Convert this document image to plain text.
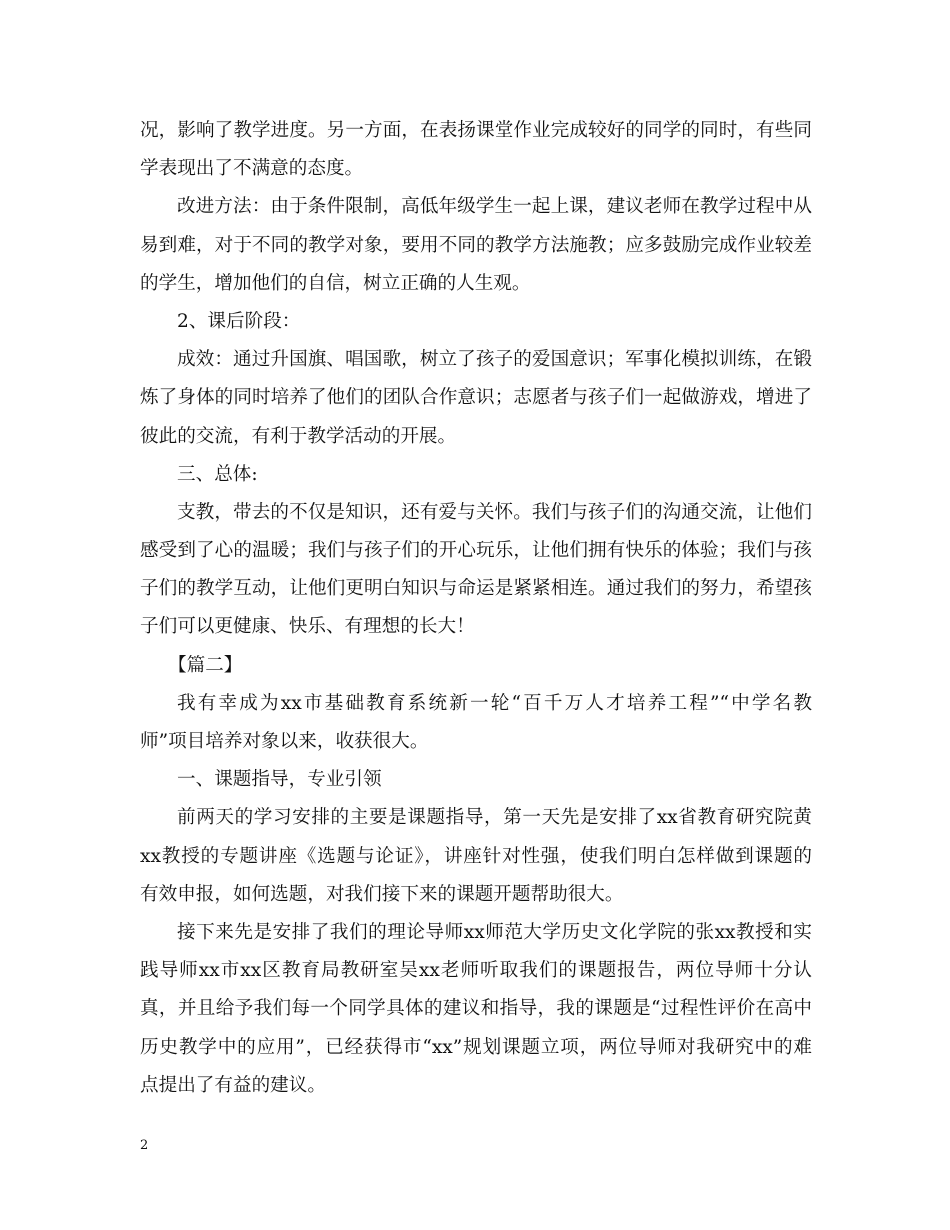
况，影响了教学进度。另一方面，在表扬课堂作业完成较好的同学的同时，有些同
学表现出了不满意的态度。
改进方法：由于条件限制，高低年级学生一起上课，建议老师在教学过程中从
易到难，对于不同的教学对象，要用不同的教学方法施教；应多鼓励完成作业较差
的学生，增加他们的自信，树立正确的人生观。
2、课后阶段：
成效：通过升国旗、唱国歌，树立了孩子的爱国意识；军事化模拟训练，在锻
炼了身体的同时培养了他们的团队合作意识；志愿者与孩子们一起做游戏，增进了
彼此的交流，有利于教学活动的开展。
三、总体:
支教，带去的不仅是知识，还有爱与关怀。我们与孩子们的沟通交流，让他们
感受到了心的温暖；我们与孩子们的开心玩乐，让他们拥有快乐的体验；我们与孩
子们的教学互动，让他们更明白知识与命运是紧紧相连。通过我们的努力，希望孩
子们可以更健康、快乐、有理想的长大！
【篇二】
我有幸成为xx市基础教育系统新一轮“百千万人才培养工程”“中学名教
师”项目培养对象以来，收获很大。
一、课题指导，专业引领
前两天的学习安排的主要是课题指导，第一天先是安排了xx省教育研究院黄
xx教授的专题讲座《选题与论证》，讲座针对性强，使我们明白怎样做到课题的
有效申报，如何选题，对我们接下来的课题开题帮助很大。
接下来先是安排了我们的理论导师xx师范大学历史文化学院的张xx教授和实
践导师xx市xx区教育局教研室吴xx老师听取我们的课题报告，两位导师十分认
真，并且给予我们每一个同学具体的建议和指导，我的课题是“过程性评价在高中
历史教学中的应用”，已经获得市“xx”规划课题立项，两位导师对我研究中的难
点提出了有益的建议。
2
